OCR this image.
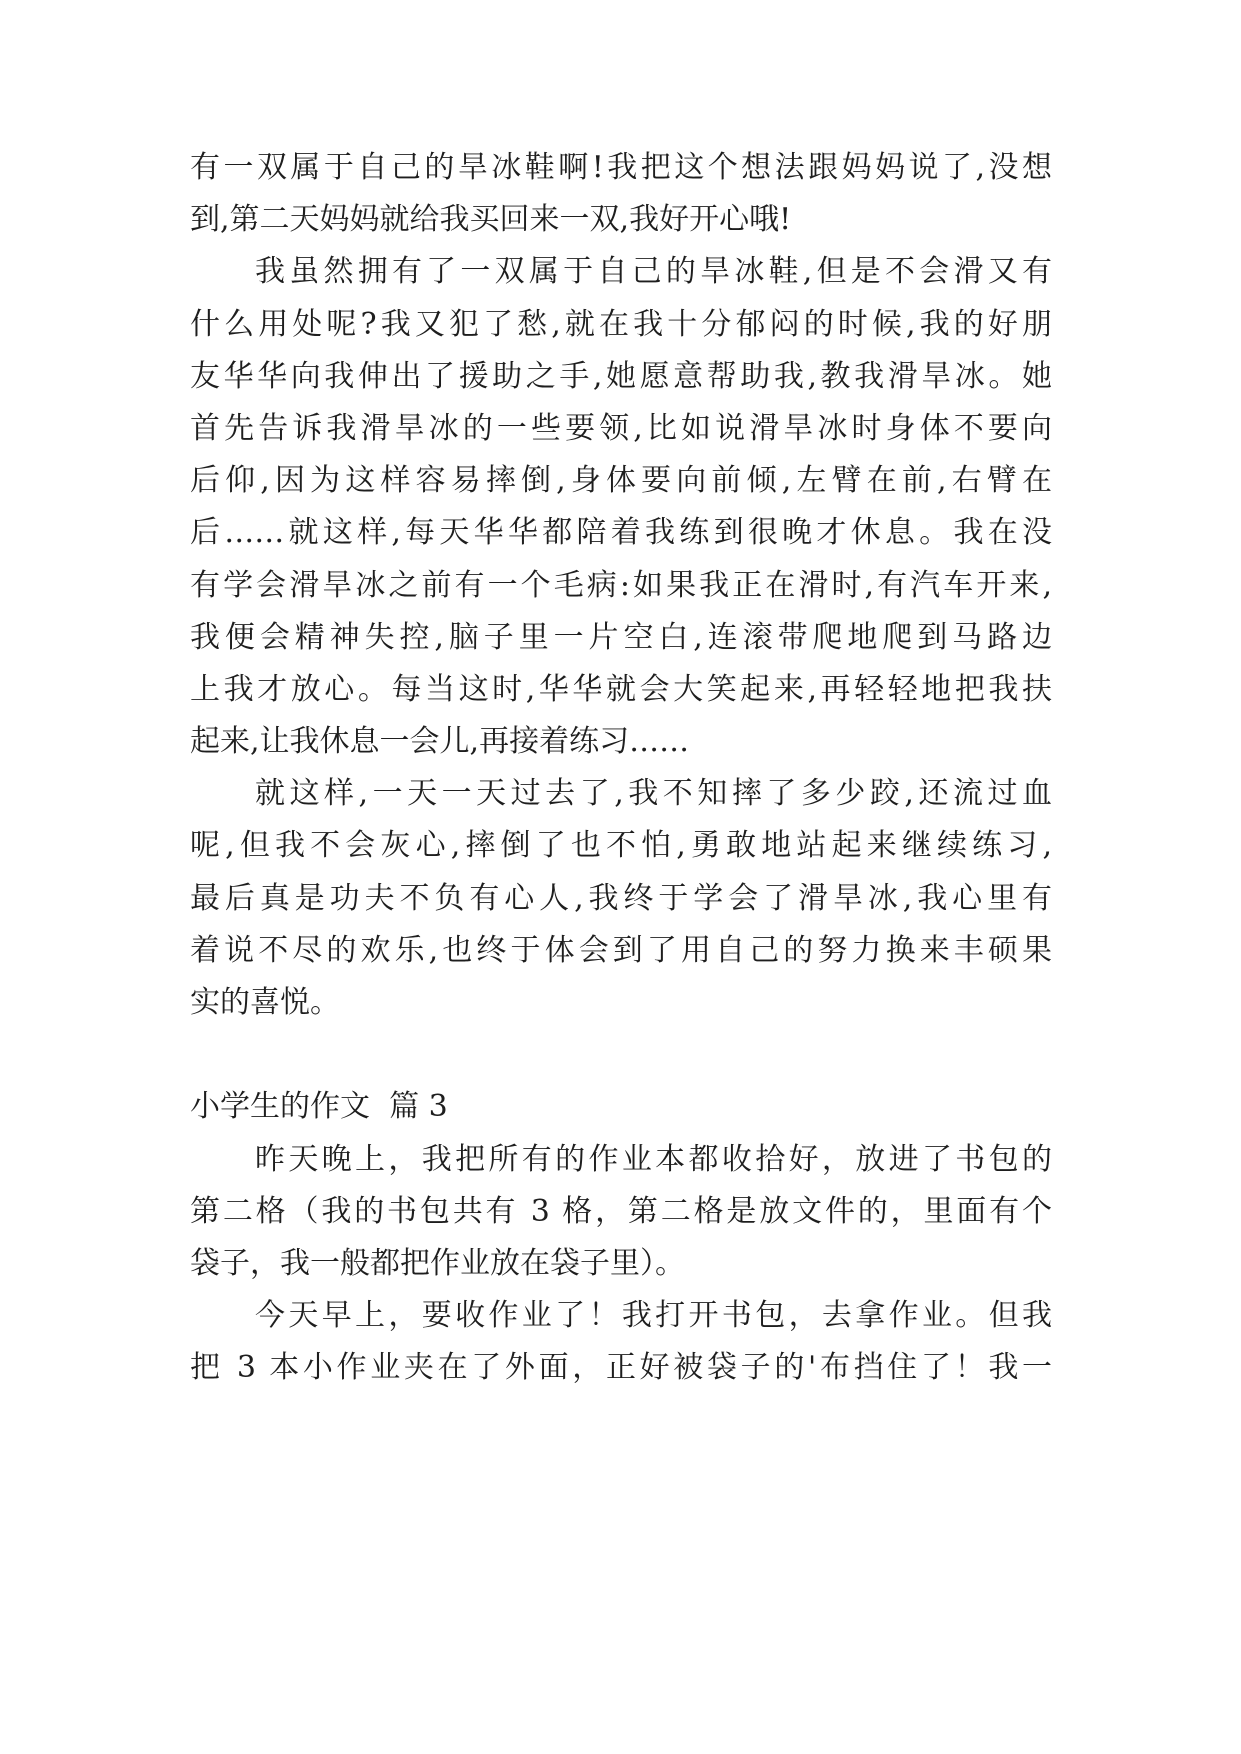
有一双属于自己的旱冰鞋啊!我把这个想法跟妈妈说了,没想
到,第二天妈妈就给我买回来一双,我好开心哦!
我虽然拥有了一双属于自己的旱冰鞋,但是不会滑又有
什么用处呢?我又犯了愁,就在我十分郁闷的时候,我的好朋
友华华向我伸出了援助之手,她愿意帮助我,教我滑旱冰。她
首先告诉我滑旱冰的一些要领,比如说滑旱冰时身体不要向
后仰,因为这样容易摔倒,身体要向前倾,左臂在前,右臂在
后……就这样,每天华华都陪着我练到很晚才休息。我在没
有学会滑旱冰之前有一个毛病:如果我正在滑时,有汽车开来,
我便会精神失控,脑子里一片空白,连滚带爬地爬到马路边
上我才放心。每当这时,华华就会大笑起来,再轻轻地把我扶
起来,让我休息一会儿,再接着练习……
就这样,一天一天过去了,我不知摔了多少跤,还流过血
呢,但我不会灰心,摔倒了也不怕,勇敢地站起来继续练习,
最后真是功夫不负有心人,我终于学会了滑旱冰,我心里有
着说不尽的欢乐,也终于体会到了用自己的努力换来丰硕果
实的喜悦。
小学生的作文  篇 3
昨天晚上，我把所有的作业本都收拾好，放进了书包的
第二格（我的书包共有 3 格，第二格是放文件的，里面有个
袋子，我一般都把作业放在袋子里）。
今天早上，要收作业了！我打开书包，去拿作业。但我
把 3 本小作业夹在了外面，正好被袋子的'布挡住了！我一
